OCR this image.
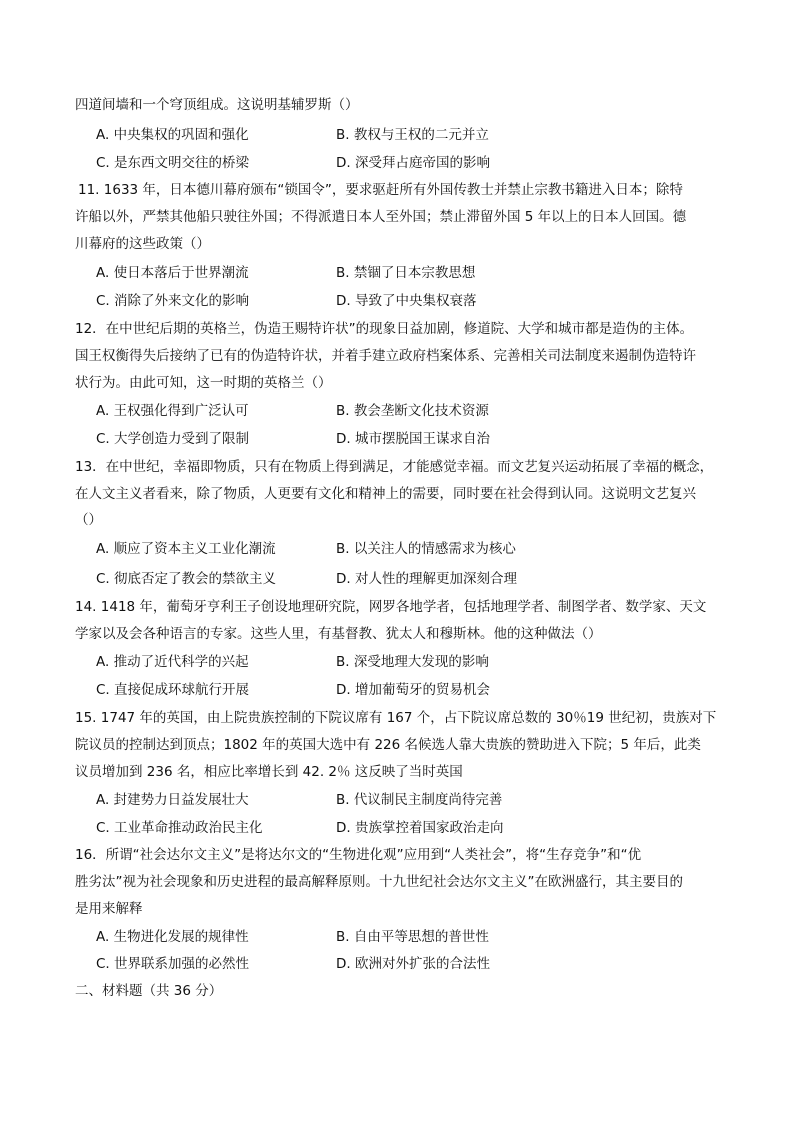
四道间墙和一个穹顶组成。这说明基辅罗斯（）
A. 中央集权的巩固和强化	B. 教权与王权的二元并立
C. 是东西文明交往的桥梁	D. 深受拜占庭帝国的影响
11. 1633 年，日本德川幕府颁布“锁国令”，要求驱赶所有外国传教士并禁止宗教书籍进入日本；除特
许船以外，严禁其他船只驶往外国；不得派遣日本人至外国；禁止滞留外国 5 年以上的日本人回国。德
川幕府的这些政策（）
A. 使日本落后于世界潮流	B. 禁锢了日本宗教思想
C. 消除了外来文化的影响	D. 导致了中央集权衰落
12．在中世纪后期的英格兰，伪造王赐特许状”的现象日益加剧，修道院、大学和城市都是造伪的主体。
国王权衡得失后接纳了已有的伪造特许状，并着手建立政府档案体系、完善相关司法制度来遏制伪造特许
状行为。由此可知，这一时期的英格兰（）
A. 王权强化得到广泛认可	B. 教会垄断文化技术资源
C. 大学创造力受到了限制	D. 城市摆脱国王谋求自治
13．在中世纪，幸福即物质，只有在物质上得到满足，才能感觉幸福。而文艺复兴运动拓展了幸福的概念，
在人文主义者看来，除了物质，人更要有文化和精神上的需要，同时要在社会得到认同。这说明文艺复兴
（）
A. 顺应了资本主义工业化潮流	B. 以关注人的情感需求为核心
C. 彻底否定了教会的禁欲主义	D. 对人性的理解更加深刻合理
14. 1418 年，葡萄牙亨利王子创设地理研究院，网罗各地学者，包括地理学者、制图学者、数学家、天文
学家以及会各种语言的专家。这些人里，有基督教、犹太人和穆斯林。他的这种做法（）
A. 推动了近代科学的兴起	B. 深受地理大发现的影响
C. 直接促成环球航行开展	D. 增加葡萄牙的贸易机会
15. 1747 年的英国，由上院贵族控制的下院议席有 167 个，占下院议席总数的 30％19 世纪初，贵族对下
院议员的控制达到顶点；1802 年的英国大选中有 226 名候选人靠大贵族的赞助进入下院；5 年后，此类
议员增加到 236 名，相应比率增长到 42. 2％ 这反映了当时英国
A. 封建势力日益发展壮大	B. 代议制民主制度尚待完善
C. 工业革命推动政治民主化	D. 贵族掌控着国家政治走向
16．所谓“社会达尔文主义”是将达尔文的“生物进化观”应用到“人类社会”，将“生存竞争”和“优
胜劣汰”视为社会现象和历史进程的最高解释原则。十九世纪社会达尔文主义”在欧洲盛行，其主要目的
是用来解释
A. 生物进化发展的规律性	B. 自由平等思想的普世性
C. 世界联系加强的必然性	D. 欧洲对外扩张的合法性
二、材料题（共 36 分）
